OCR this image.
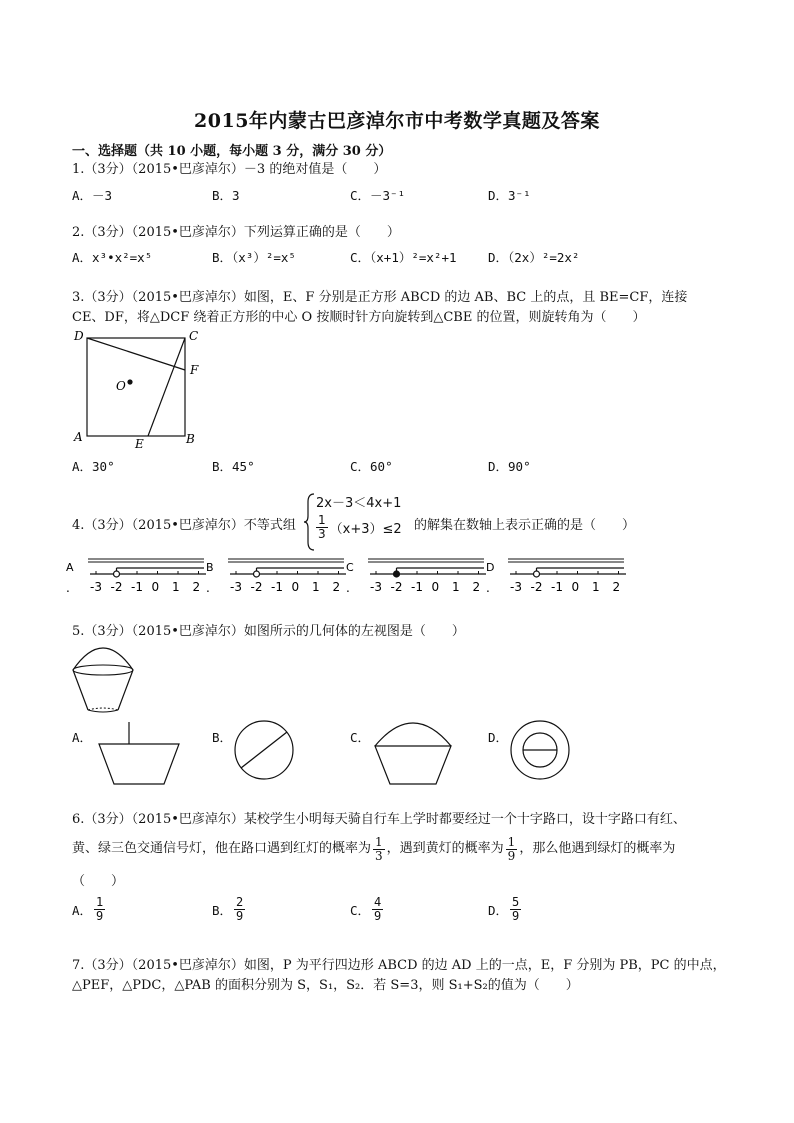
2015年内蒙古巴彦淖尔市中考数学真题及答案
一、选择题（共 10 小题，每小题 3 分，满分 30 分）
1.（3分）（2015•巴彦淖尔）－3 的绝对值是（　　）
A．－3	B．3	C．－3⁻¹	D．3⁻¹
2.（3分）（2015•巴彦淖尔）下列运算正确的是（　　）
A．x³•x²=x⁵	B．（x³）²=x⁵	C．（x+1）²=x²+1	D．（2x）²=2x²
3.（3分）（2015•巴彦淖尔）如图，E、F 分别是正方形 ABCD 的边 AB、BC 上的点，且 BE=CF，连接
CE、DF，将△DCF 绕着正方形的中心 O 按顺时针方向旋转到△CBE 的位置，则旋转角为（　　）
D	C
O
F
A	E	B
A．30°	B．45°	C．60°	D．90°
4.（3分）（2015•巴彦淖尔）不等式组
2x－3＜4x+1
$\frac{1}{3} (x+3)\le 2$ 的解集在数轴上表示正确的是（　　）
A
. -3 -2 -1 0 1 2
B
. -3 -2 -1 0 1 2
C
. -3 -2 -1 0 1 2
D
. -3 -2 -1 0 1 2
5.（3分）（2015•巴彦淖尔）如图所示的几何体的左视图是（　　）
A．	B．	C．	D．
6.（3分）（2015•巴彦淖尔）某校学生小明每天骑自行车上学时都要经过一个十字路口，设十字路口有红、
黄、绿三色交通信号灯，他在路口遇到红灯的概率为 $\frac{1}{3}$ ，遇到黄灯的概率为 $\frac{1}{9}$ ，那么他遇到绿灯的概率为
（　　）
A． $\frac{1}{9}$	B． $\frac{2}{9}$	C． $\frac{4}{9}$	D． $\frac{5}{9}$
7.（3分）（2015•巴彦淖尔）如图，P 为平行四边形 ABCD 的边 AD 上的一点，E，F 分别为 PB，PC 的中点，
△PEF，△PDC，△PAB 的面积分别为 S，S₁，S₂．若 S=3，则 S₁+S₂的值为（　　）
